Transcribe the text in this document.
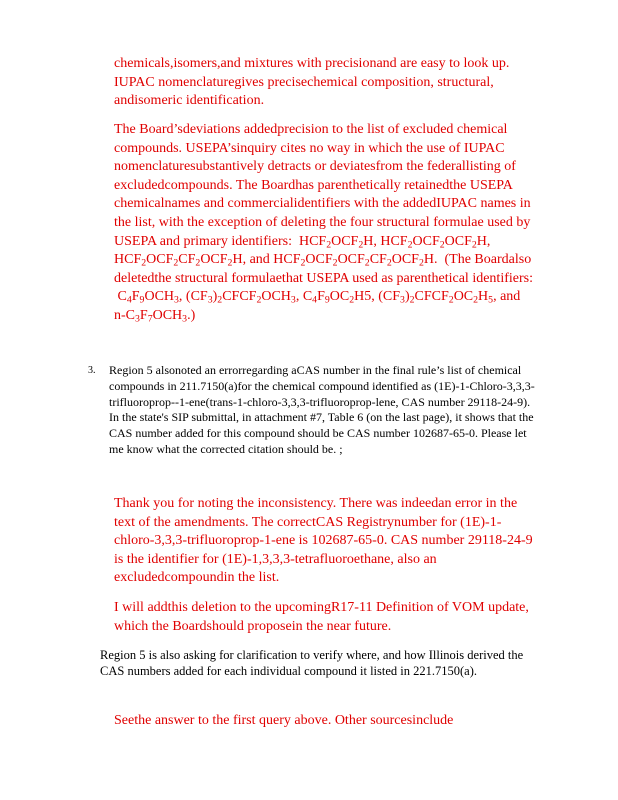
chemicals,isomers,and mixtures with precisionand are easy to look up. IUPAC nomenclaturegives precisechemical composition, structural, andisomeric identification.

The Board’sdeviations addedprecision to the list of excluded chemical compounds. USEPA’sinquiry cites no way in which the use of IUPAC nomenclaturesubstantively detracts or deviatesfrom the federallisting of excludedcompounds. The Boardhas parenthetically retainedthe USEPA chemicalnames and commercialidentifiers with the addedIUPAC names in the list, with the exception of deleting the four structural formulae used by USEPA and primary identifiers:  $HCF_2OCF_2H$, $HCF_2OCF_2OCF_2H$, $HCF_2OCF_2CF_2OCF_2H$, and $HCF_2OCF_2OCF_2CF_2OCF_2H$. (The Boardalso deletedthe structural formulaethat USEPA used as parenthetical identifiers:  $C_4F_9OCH_3$, $(CF_3)_2CFCF_2OCH_3$, $C_4F_9OC_2H5$, $(CF_3)_2CFCF_2OC_2H_5$, and $n-C_3F_7OCH_3$.)

3. Region 5 alsonoted an errorregarding aCAS number in the final rule’s list of chemical compounds in 211.7150(a)for the chemical compound identified as (1E)-1-Chloro-3,3,3-trifluoroprop--1-ene(trans-1-chloro-3,3,3-trifluoroprop-lene, CAS number 29118-24-9). In the state's SIP submittal, in attachment #7, Table 6 (on the last page), it shows that the CAS number added for this compound should be CAS number 102687-65-0. Please let me know what the corrected citation should be. ;

Thank you for noting the inconsistency. There was indeedan error in the text of the amendments. The correctCAS Registrynumber for (1E)-1-chloro-3,3,3-trifluoroprop-1-ene is 102687-65-0. CAS number 29118-24-9 is the identifier for (1E)-1,3,3,3-tetrafluoroethane, also an excludedcompoundin the list.

I will addthis deletion to the upcomingR17-11 Definition of VOM update, which the Boardshould proposein the near future.

Region 5 is also asking for clarification to verify where, and how Illinois derived the CAS numbers added for each individual compound it listed in 221.7150(a).

Seethe answer to the first query above. Other sourcesinclude
